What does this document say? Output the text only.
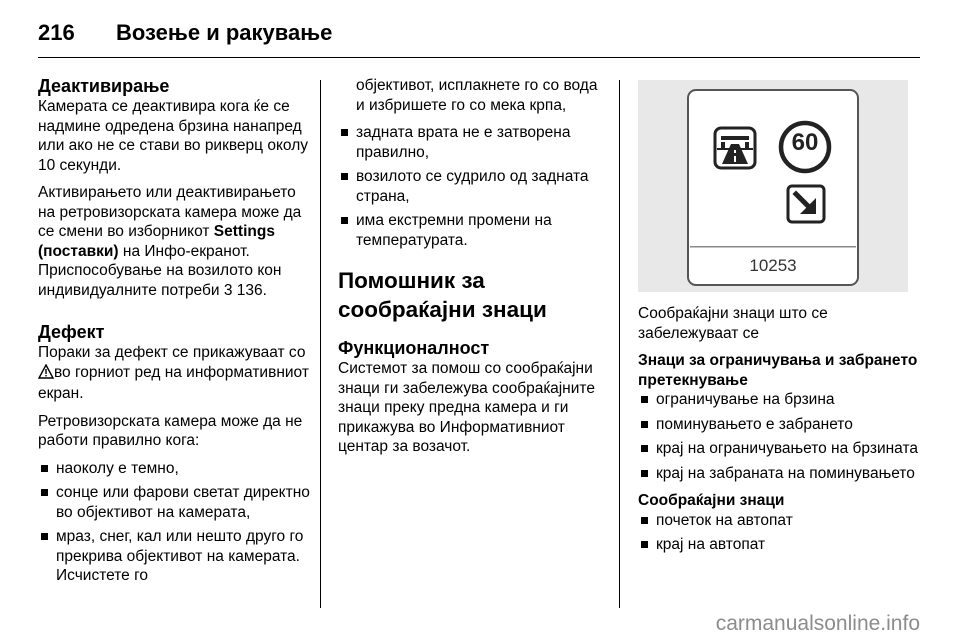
216 Возење и ракување
Деактивирање

Камерата се деактивира кога ќе се надмине одредена брзина нанапред или ако не се стави во рикверц околу 10 секунди.

Активирањето или деактивирањето на ретровизорската камера може да се смени во изборникот Settings (поставки) на Инфо-екранот. Приспособување на возилото кон индивидуалните потреби 3 136.

Дефект

Пораки за дефект се прикажуваат со во горниот ред на информативниот екран.

Ретровизорската камера може да не работи правилно кога:

наоколу е темно,
сонце или фарови светат директно во објективот на камерата,
мраз, снег, кал или нешто друго го прекрива објективот на камерата. Исчистете го

објективот, исплакнете го со вода и избришете го со мека крпа,

задната врата не е затворена правилно,
возилото се судрило од задната страна,
има екстремни промени на температурата.
Помошник за сообраќајни знаци
Функционалност

Системот за помош со сообраќајни знаци ги забележува сообраќајните знаци преку предна камера и ги прикажува во Информативниот центар за возачот.

60
10253

Сообраќајни знаци што се забележуваат се

Знаци за ограничувања и забранeто претекнување
ограничување на брзина
поминувањето е забрането
крај на ограничувањето на брзината
крај на забраната на поминувањето
Сообраќајни знаци
почеток на автопат
крај на автопат
carmanualsonline.info
